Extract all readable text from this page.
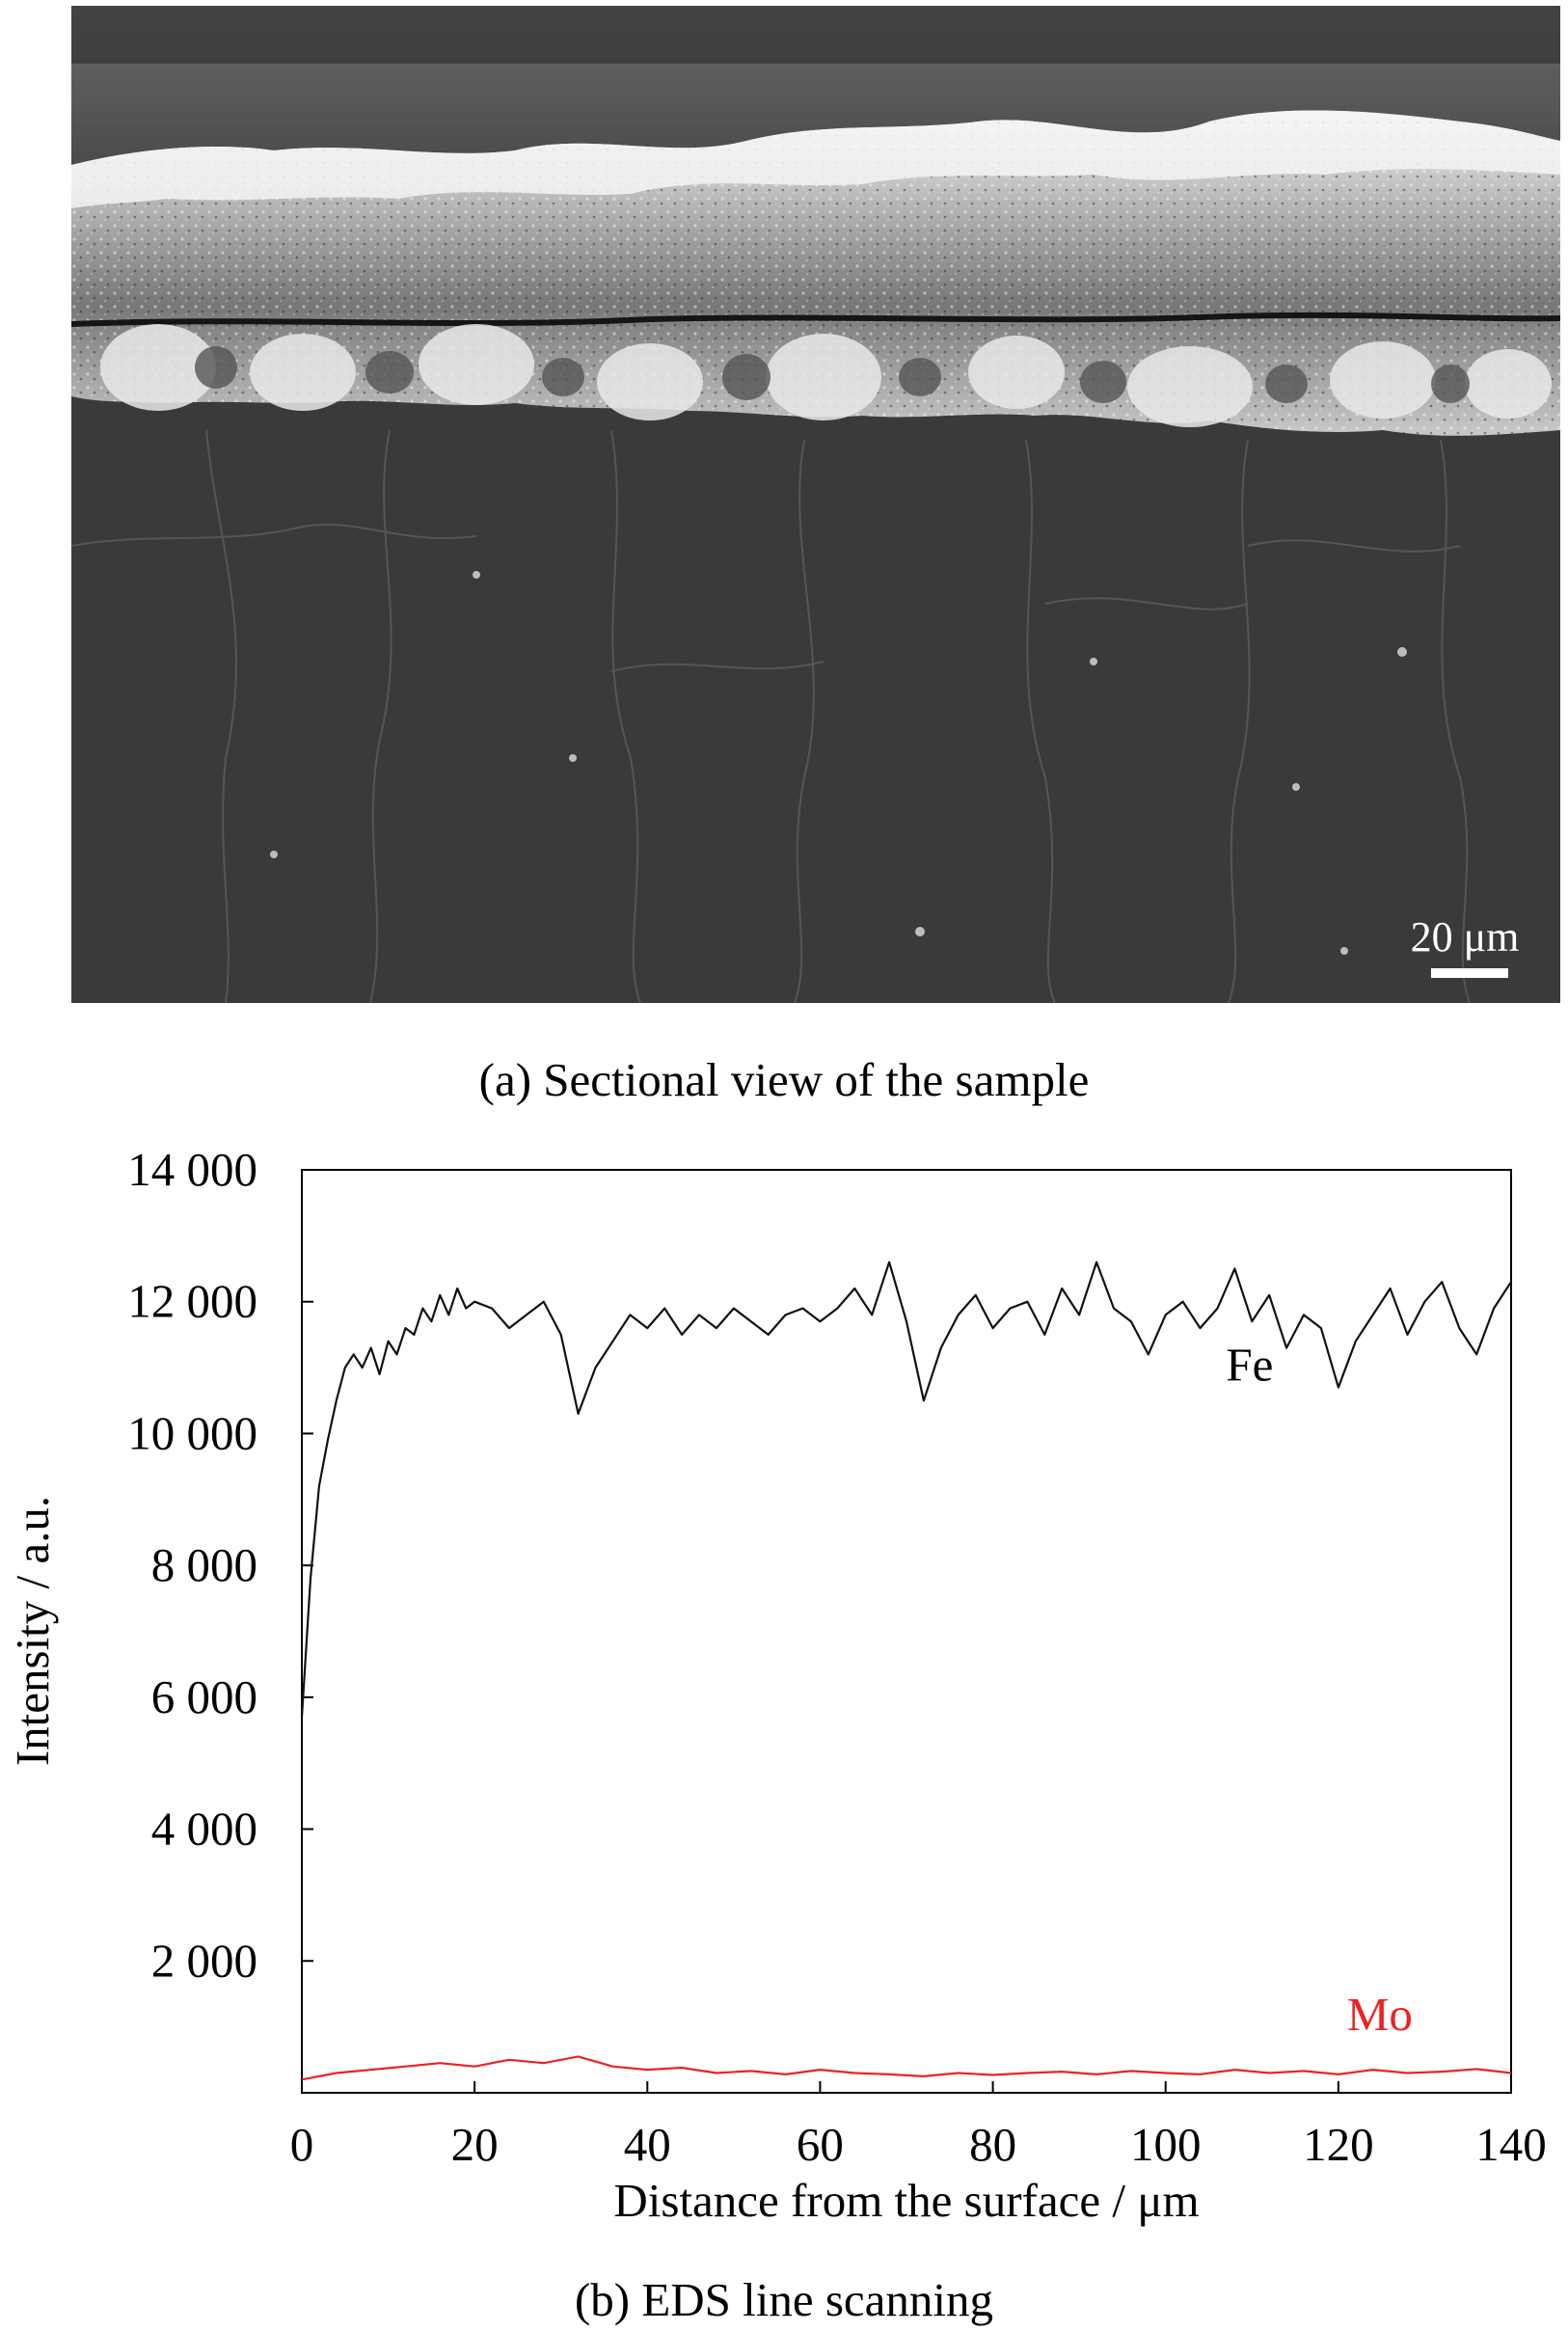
20 μm
(a) Sectional view of the sample
0	20	40	60	80 100 120 140
2 000
4 000
6 000
8 000
10 000
12 000
14 000
Fe
Mo
Distance from the surface / μm
Intensity / a.u.
(b) EDS line scanning
